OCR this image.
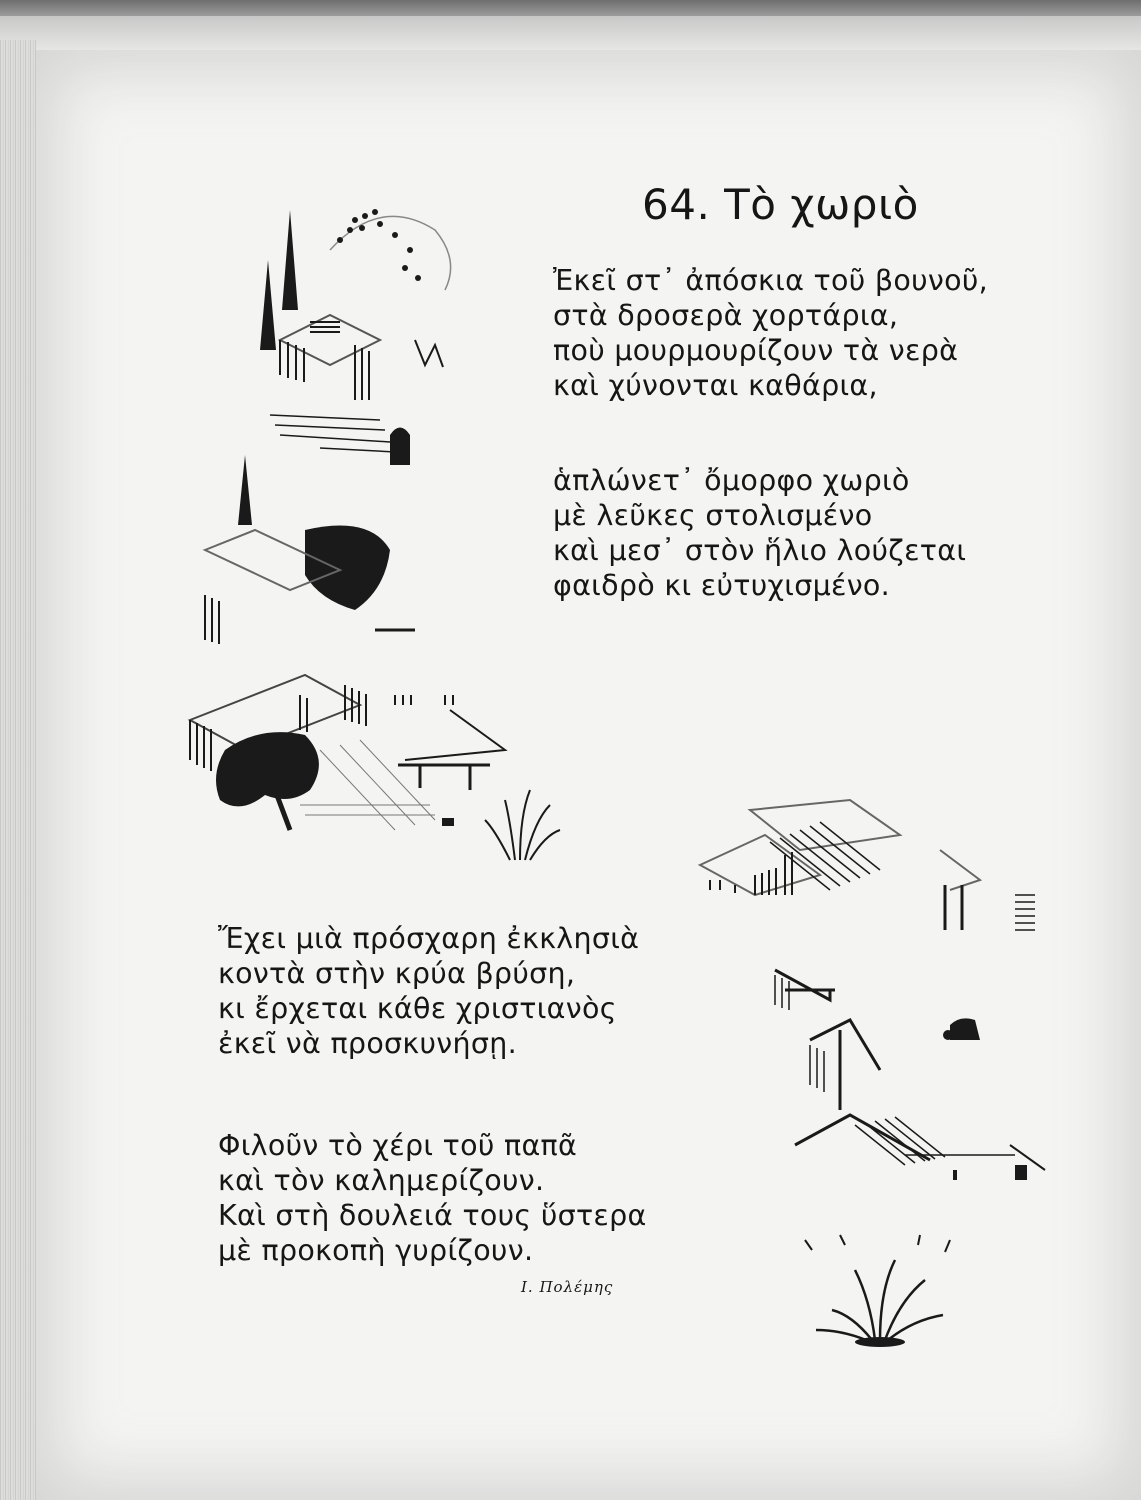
64. Τὸ χωριὸ
Ἐκεῖ στ᾿ ἀπόσκια τοῦ βουνοῦ,
στὰ δροσερὰ χορτάρια,
ποὺ μουρμουρίζουν τὰ νερὰ
καὶ χύνονται καθάρια,
ἁπλώνετ᾿ ὄμορφο χωριὸ
μὲ λεῦκες στολισμένο
καὶ μεσ᾿ στὸν ἥλιο λούζεται
φαιδρὸ κι εὐτυχισμένο.
Ἔχει μιὰ πρόσχαρη ἐκκλησιὰ
κοντὰ στὴν κρύα βρύση,
κι ἔρχεται κάθε χριστιανὸς
ἐκεῖ νὰ προσκυνήσῃ.
Φιλοῦν τὸ χέρι τοῦ παπᾶ
καὶ τὸν καλημερίζουν.
Καὶ στὴ δουλειά τους ὕστερα
μὲ προκοπὴ γυρίζουν.
Ι. Πολέμης
